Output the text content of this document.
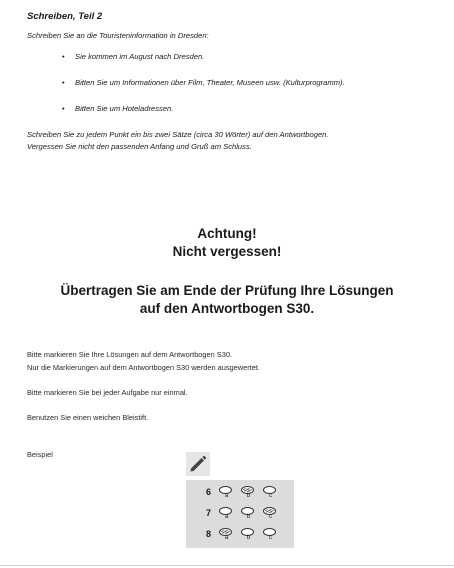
Schreiben, Teil 2
Schreiben Sie an die Touristeninformation in Dresden:
• Sie kommen im August nach Dresden.
• Bitten Sie um Informationen über Film, Theater, Museen usw. (Kulturprogramm).
• Bitten Sie um Hoteladressen.
Schreiben Sie zu jedem Punkt ein bis zwei Sätze (circa 30 Wörter) auf den Antwortbogen.
Vergessen Sie nicht den passenden Anfang und Gruß am Schluss.
Achtung!
Nicht vergessen!
Übertragen Sie am Ende der Prüfung Ihre Lösungen
auf den Antwortbogen S30.
Bitte markieren Sie Ihre Lösungen auf dem Antwortbogen S30.
Nur die Markierungen auf dem Antwortbogen S30 werden ausgewertet.
Bitte markieren Sie bei jeder Aufgabe nur einmal.
Benutzen Sie einen weichen Bleistift.
Beispiel
6	a	b	c
7	a	b	c
8	a	b	c
